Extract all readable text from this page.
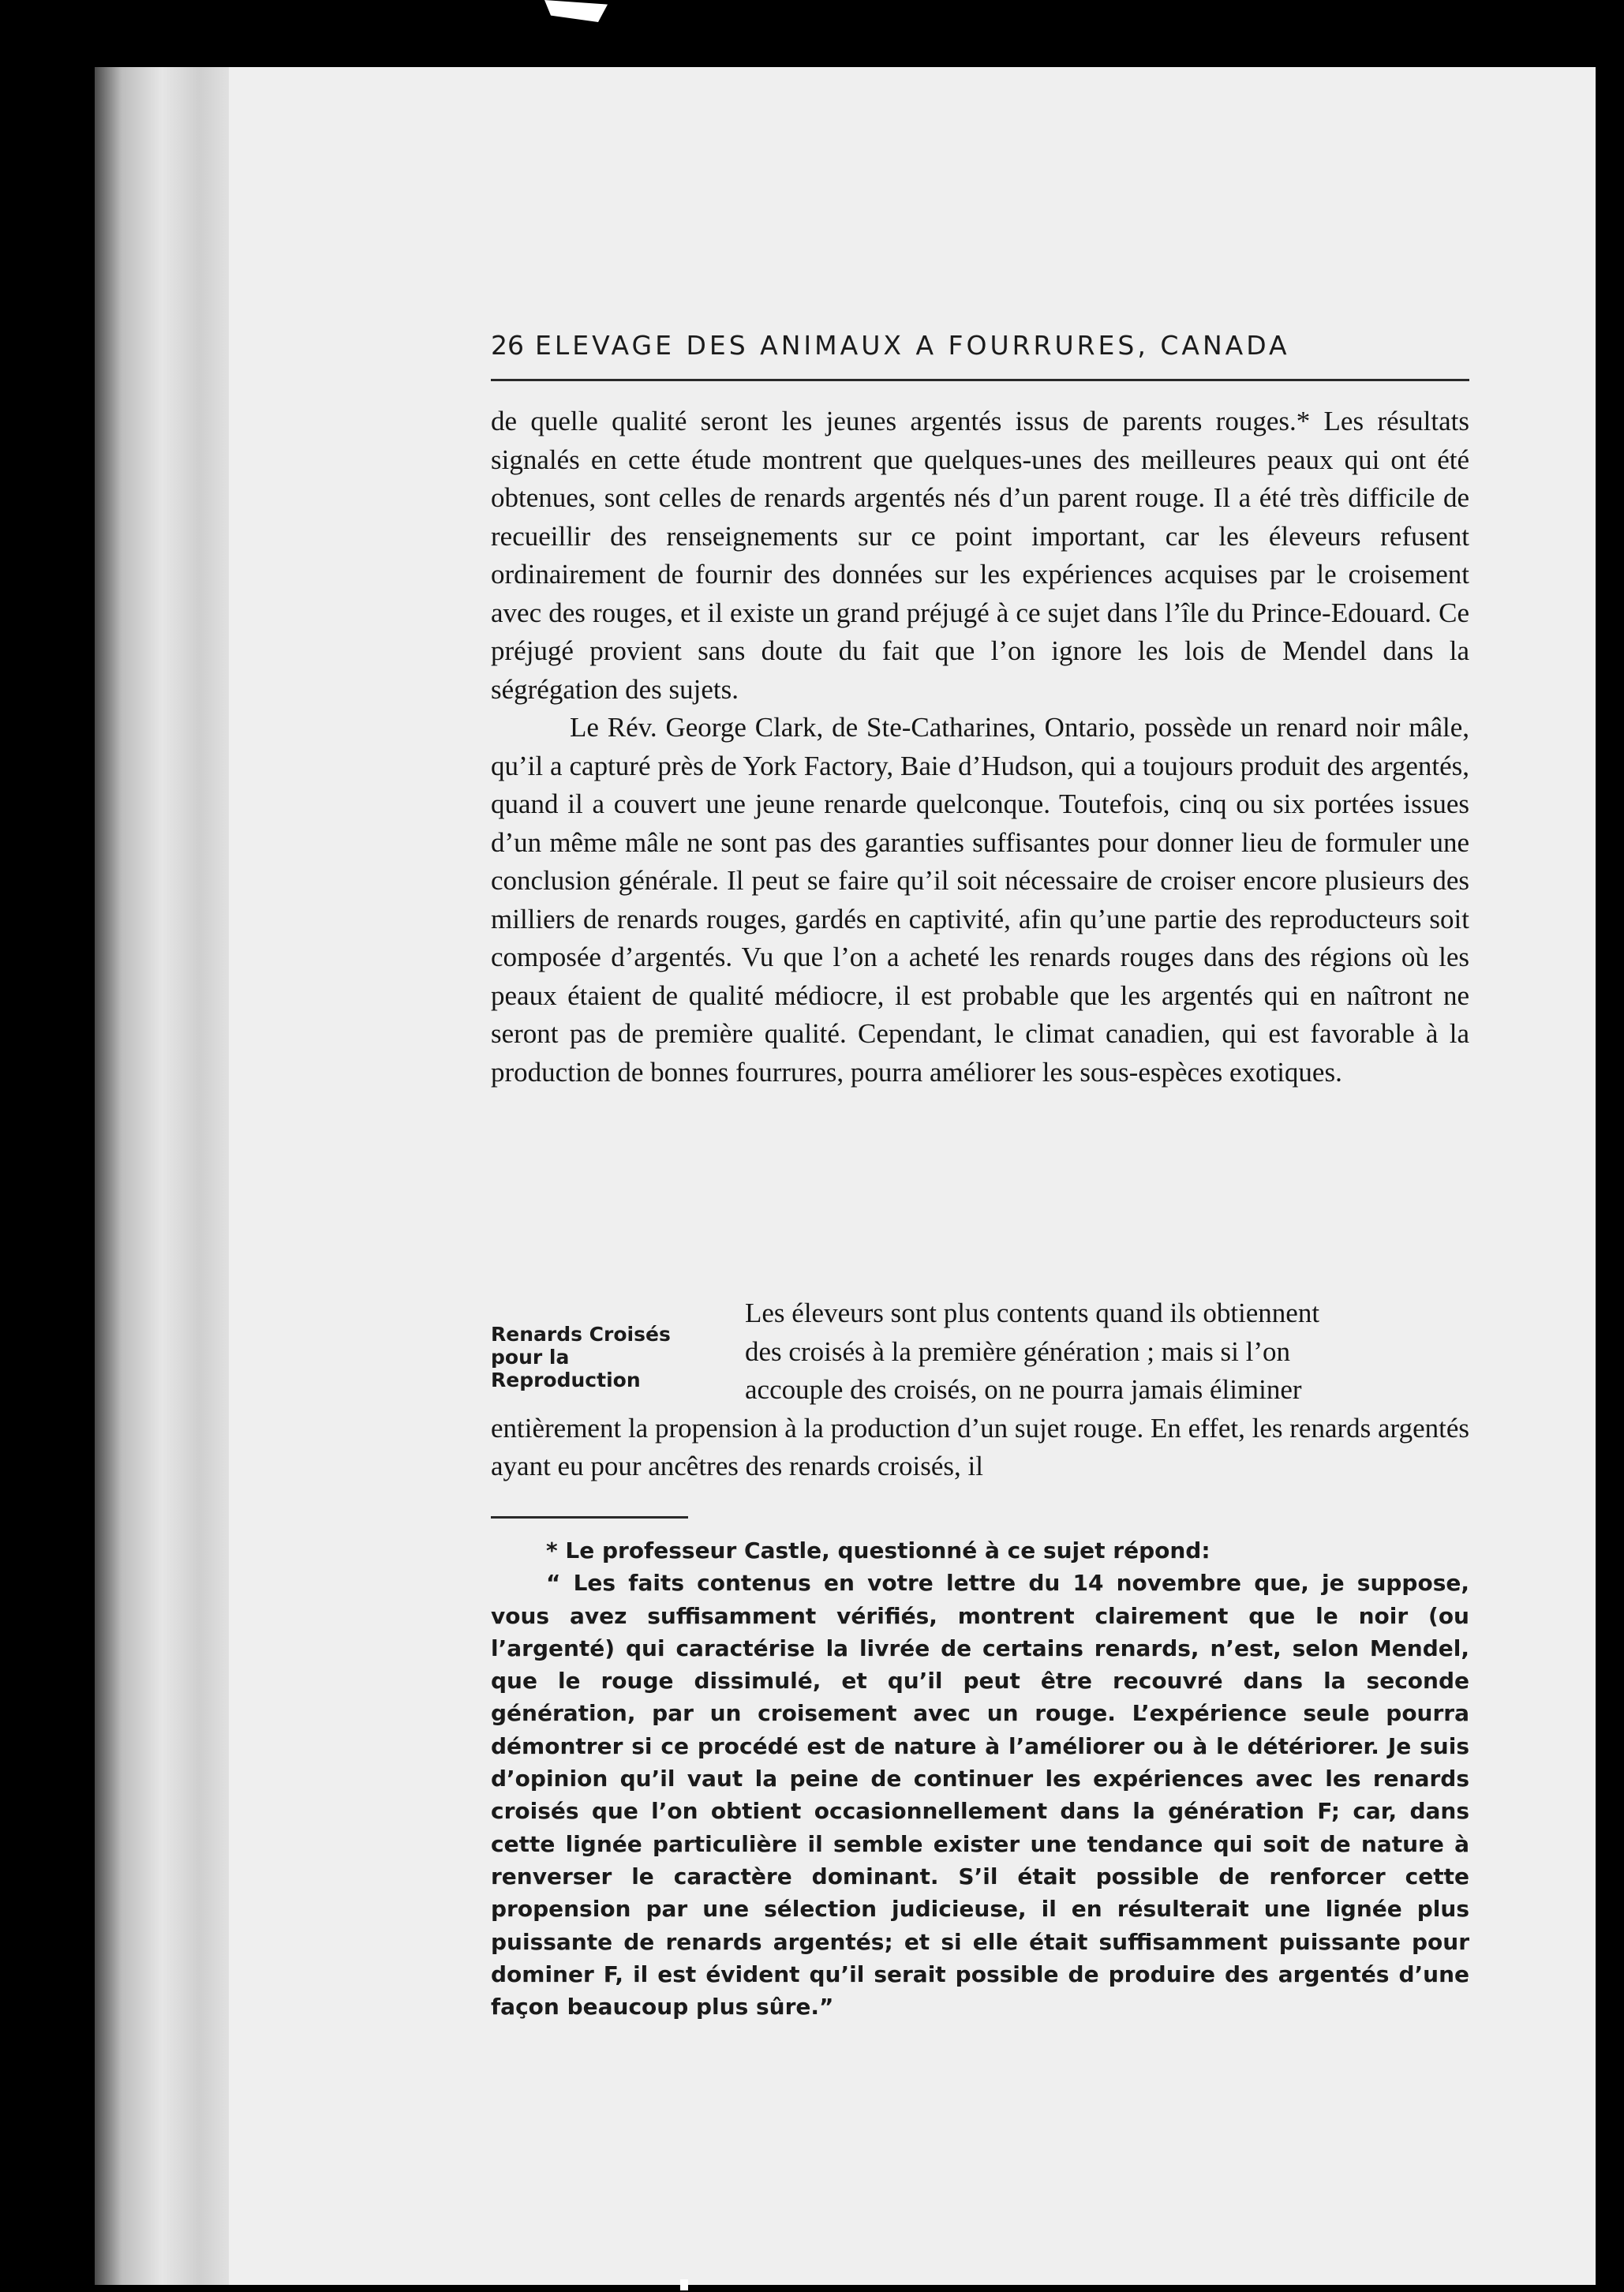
26 ELEVAGE DES ANIMAUX A FOURRURES, CANADA

de quelle qualité seront les jeunes argentés issus de parents rouges.* Les résultats signalés en cette étude montrent que quelques-unes des meilleures peaux qui ont été obtenues, sont celles de renards argentés nés d’un parent rouge. Il a été très difficile de recueillir des renseignements sur ce point important, car les éleveurs refusent ordinairement de fournir des données sur les expériences acquises par le croisement avec des rouges, et il existe un grand préjugé à ce sujet dans l’île du Prince-Edouard. Ce préjugé provient sans doute du fait que l’on ignore les lois de Mendel dans la ségrégation des sujets.

Le Rév. George Clark, de Ste-Catharines, Ontario, possède un renard noir mâle, qu’il a capturé près de York Factory, Baie d’Hudson, qui a toujours produit des argentés, quand il a couvert une jeune renarde quelconque. Toutefois, cinq ou six portées issues d’un même mâle ne sont pas des garanties suffisantes pour donner lieu de formuler une conclusion générale. Il peut se faire qu’il soit nécessaire de croiser encore plusieurs des milliers de renards rouges, gardés en captivité, afin qu’une partie des reproducteurs soit composée d’argentés. Vu que l’on a acheté les renards rouges dans des régions où les peaux étaient de qualité médiocre, il est probable que les argentés qui en naîtront ne seront pas de première qualité. Cependant, le climat canadien, qui est favorable à la production de bonnes fourrures, pourra améliorer les sous-espèces exotiques.

Renards Croisés pour la Reproduction

Les éleveurs sont plus contents quand ils obtiennent
des croisés à la première génération ; mais si l’on
accouple des croisés, on ne pourra jamais éliminer
entièrement la propension à la production d’un sujet rouge. En effet, les renards argentés ayant eu pour ancêtres des renards croisés, il

* Le professeur Castle, questionné à ce sujet répond:

“ Les faits contenus en votre lettre du 14 novembre que, je suppose, vous avez suffisamment vérifiés, montrent clairement que le noir (ou l’argenté) qui caractérise la livrée de certains renards, n’est, selon Mendel, que le rouge dissimulé, et qu’il peut être recouvré dans la seconde génération, par un croisement avec un rouge. L’expérience seule pourra démontrer si ce procédé est de nature à l’améliorer ou à le détériorer. Je suis d’opinion qu’il vaut la peine de continuer les expériences avec les renards croisés que l’on obtient occasionnellement dans la génération F; car, dans cette lignée particulière il semble exister une tendance qui soit de nature à renverser le caractère dominant. S’il était possible de renforcer cette propension par une sélection judicieuse, il en résulterait une lignée plus puissante de renards argentés; et si elle était suffisamment puissante pour dominer F, il est évident qu’il serait possible de produire des argentés d’une façon beaucoup plus sûre.”
